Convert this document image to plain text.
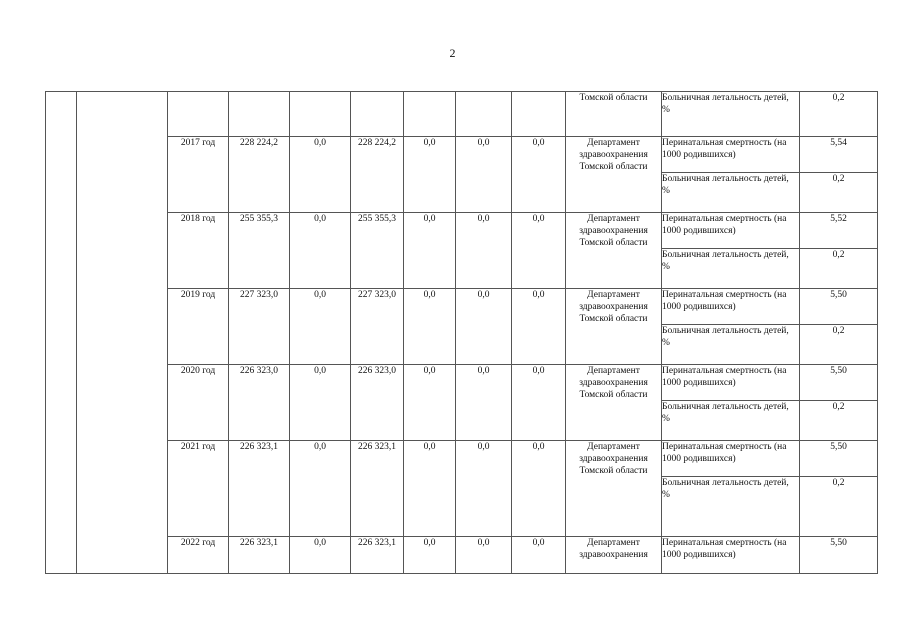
2
									Томской области	Больничная летальность детей, %	0,2
		2017 год	228 224,2	0,0	228 224,2	0,0	0,0	0,0	Департамент здравоохранения Томской области	Перинатальная смертность (на 1000 родившихся)	5,54
										Больничная летальность детей, %	0,2
		2018 год	255 355,3	0,0	255 355,3	0,0	0,0	0,0	Департамент здравоохранения Томской области	Перинатальная смертность (на 1000 родившихся)	5,52
										Больничная летальность детей, %	0,2
		2019 год	227 323,0	0,0	227 323,0	0,0	0,0	0,0	Департамент здравоохранения Томской области	Перинатальная смертность (на 1000 родившихся)	5,50
										Больничная летальность детей, %	0,2
		2020 год	226 323,0	0,0	226 323,0	0,0	0,0	0,0	Департамент здравоохранения Томской области	Перинатальная смертность (на 1000 родившихся)	5,50
										Больничная летальность детей, %	0,2
		2021 год	226 323,1	0,0	226 323,1	0,0	0,0	0,0	Департамент здравоохранения Томской области	Перинатальная смертность (на 1000 родившихся)	5,50
										Больничная летальность детей, %	0,2
		2022 год	226 323,1	0,0	226 323,1	0,0	0,0	0,0	Департамент здравоохранения	Перинатальная смертность (на 1000 родившихся)	5,50
